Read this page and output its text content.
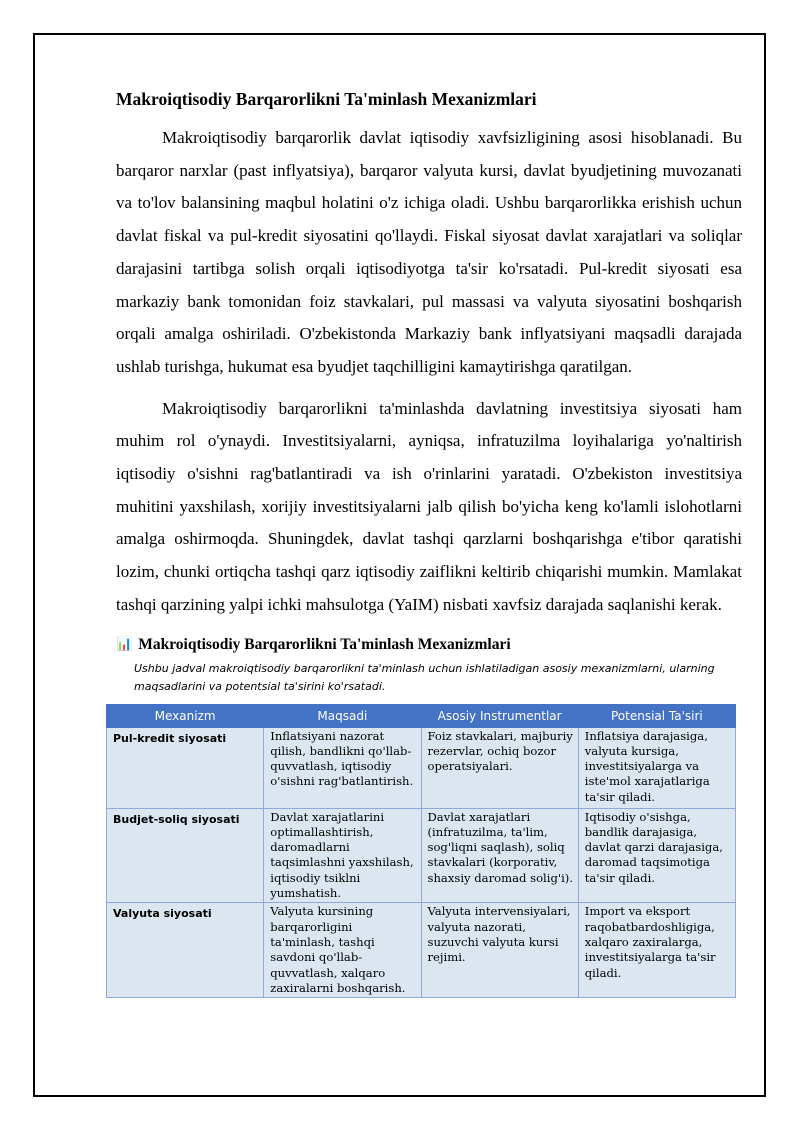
Makroiqtisodiy Barqarorlikni Ta'minlash Mexanizmlari

Makroiqtisodiy barqarorlik davlat iqtisodiy xavfsizligining asosi hisoblanadi. Bu barqaror narxlar (past inflyatsiya), barqaror valyuta kursi, davlat byudjetining muvozanati va to'lov balansining maqbul holatini o'z ichiga oladi. Ushbu barqarorlikka erishish uchun davlat fiskal va pul-kredit siyosatini qo'llaydi. Fiskal siyosat davlat xarajatlari va soliqlar darajasini tartibga solish orqali iqtisodiyotga ta'sir ko'rsatadi. Pul-kredit siyosati esa markaziy bank tomonidan foiz stavkalari, pul massasi va valyuta siyosatini boshqarish orqali amalga oshiriladi. O'zbekistonda Markaziy bank inflyatsiyani maqsadli darajada ushlab turishga, hukumat esa byudjet taqchilligini kamaytirishga qaratilgan.

Makroiqtisodiy barqarorlikni ta'minlashda davlatning investitsiya siyosati ham muhim rol o'ynaydi. Investitsiyalarni, ayniqsa, infratuzilma loyihalariga yo'naltirish iqtisodiy o'sishni rag'batlantiradi va ish o'rinlarini yaratadi. O'zbekiston investitsiya muhitini yaxshilash, xorijiy investitsiyalarni jalb qilish bo'yicha keng ko'lamli islohotlarni amalga oshirmoqda. Shuningdek, davlat tashqi qarzlarni boshqarishga e'tibor qaratishi lozim, chunki ortiqcha tashqi qarz iqtisodiy zaiflikni keltirib chiqarishi mumkin. Mamlakat tashqi qarzining yalpi ichki mahsulotga (YaIM) nisbati xavfsiz darajada saqlanishi kerak.

📊 Makroiqtisodiy Barqarorlikni Ta'minlash Mexanizmlari
Ushbu jadval makroiqtisodiy barqarorlikni ta'minlash uchun ishlatiladigan asosiy mexanizmlarni, ularning maqsadlarini va potentsial ta'sirini ko'rsatadi.
Mexanizm	Maqsadi	Asosiy Instrumentlar	Potensial Ta'siri
Pul-kredit siyosati	Inflatsiyani nazorat qilish, bandlikni qo'llab-quvvatlash, iqtisodiy o'sishni rag'batlantirish.	Foiz stavkalari, majburiy rezervlar, ochiq bozor operatsiyalari.	Inflatsiya darajasiga, valyuta kursiga, investitsiyalarga va iste'mol xarajatlariga ta'sir qiladi.
Budjet-soliq siyosati	Davlat xarajatlarini optimallashtirish, daromadlarni taqsimlashni yaxshilash, iqtisodiy tsiklni yumshatish.	Davlat xarajatlari (infratuzilma, ta'lim, sog'liqni saqlash), soliq stavkalari (korporativ, shaxsiy daromad solig'i).	Iqtisodiy o'sishga, bandlik darajasiga, davlat qarzi darajasiga, daromad taqsimotiga ta'sir qiladi.
Valyuta siyosati	Valyuta kursining barqarorligini ta'minlash, tashqi savdoni qo'llab-quvvatlash, xalqaro zaxiralarni boshqarish.	Valyuta intervensiyalari, valyuta nazorati, suzuvchi valyuta kursi rejimi.	Import va eksport raqobatbardoshligiga, xalqaro zaxiralarga, investitsiyalarga ta'sir qiladi.
